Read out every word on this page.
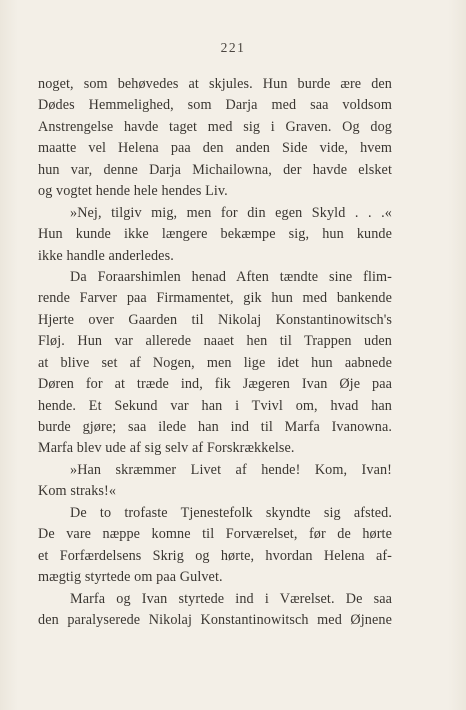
221
noget, som behøvedes at skjules. Hun burde ære den
Dødes Hemmelighed, som Darja med saa voldsom
Anstrengelse havde taget med sig i Graven. Og dog
maatte vel Helena paa den anden Side vide, hvem
hun var, denne Darja Michailowna, der havde elsket
og vogtet hende hele hendes Liv.
»Nej, tilgiv mig, men for din egen Skyld . . .«
Hun kunde ikke længere bekæmpe sig, hun kunde
ikke handle anderledes.
Da Foraarshimlen henad Aften tændte sine flim-
rende Farver paa Firmamentet, gik hun med bankende
Hjerte over Gaarden til Nikolaj Konstantinowitsch's
Fløj. Hun var allerede naaet hen til Trappen uden
at blive set af Nogen, men lige idet hun aabnede
Døren for at træde ind, fik Jægeren Ivan Øje paa
hende. Et Sekund var han i Tvivl om, hvad han
burde gjøre; saa ilede han ind til Marfa Ivanowna.
Marfa blev ude af sig selv af Forskrækkelse.
»Han skræmmer Livet af hende! Kom, Ivan!
Kom straks!«
De to trofaste Tjenestefolk skyndte sig afsted.
De vare næppe komne til Forværelset, før de hørte
et Forfærdelsens Skrig og hørte, hvordan Helena af-
mægtig styrtede om paa Gulvet.
Marfa og Ivan styrtede ind i Værelset. De saa
den paralyserede Nikolaj Konstantinowitsch med Øjnene
